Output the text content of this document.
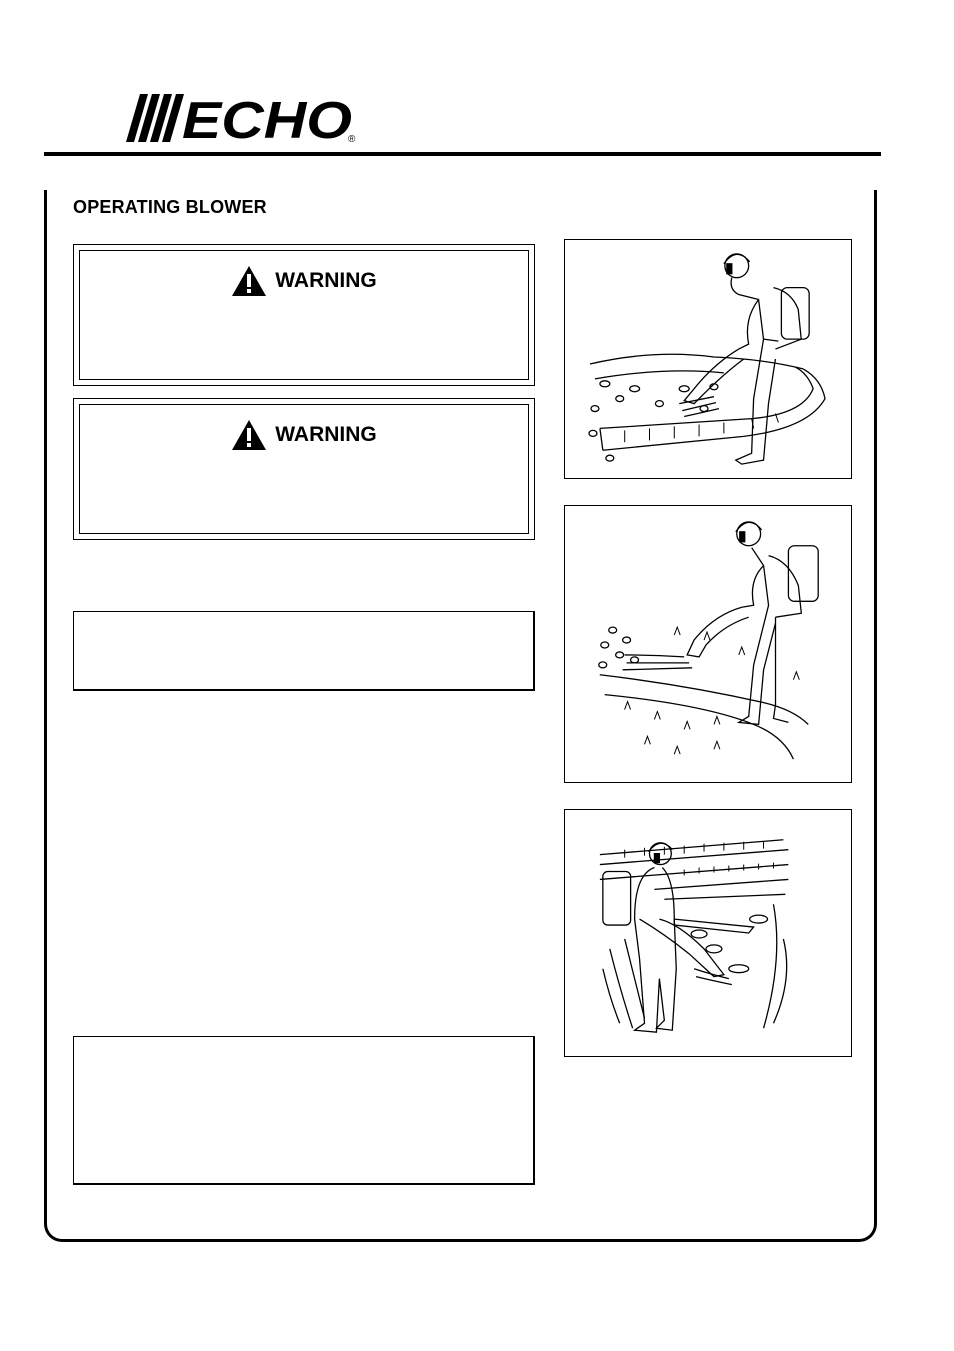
ECHO
®
OPERATING BLOWER
WARNING
WARNING
